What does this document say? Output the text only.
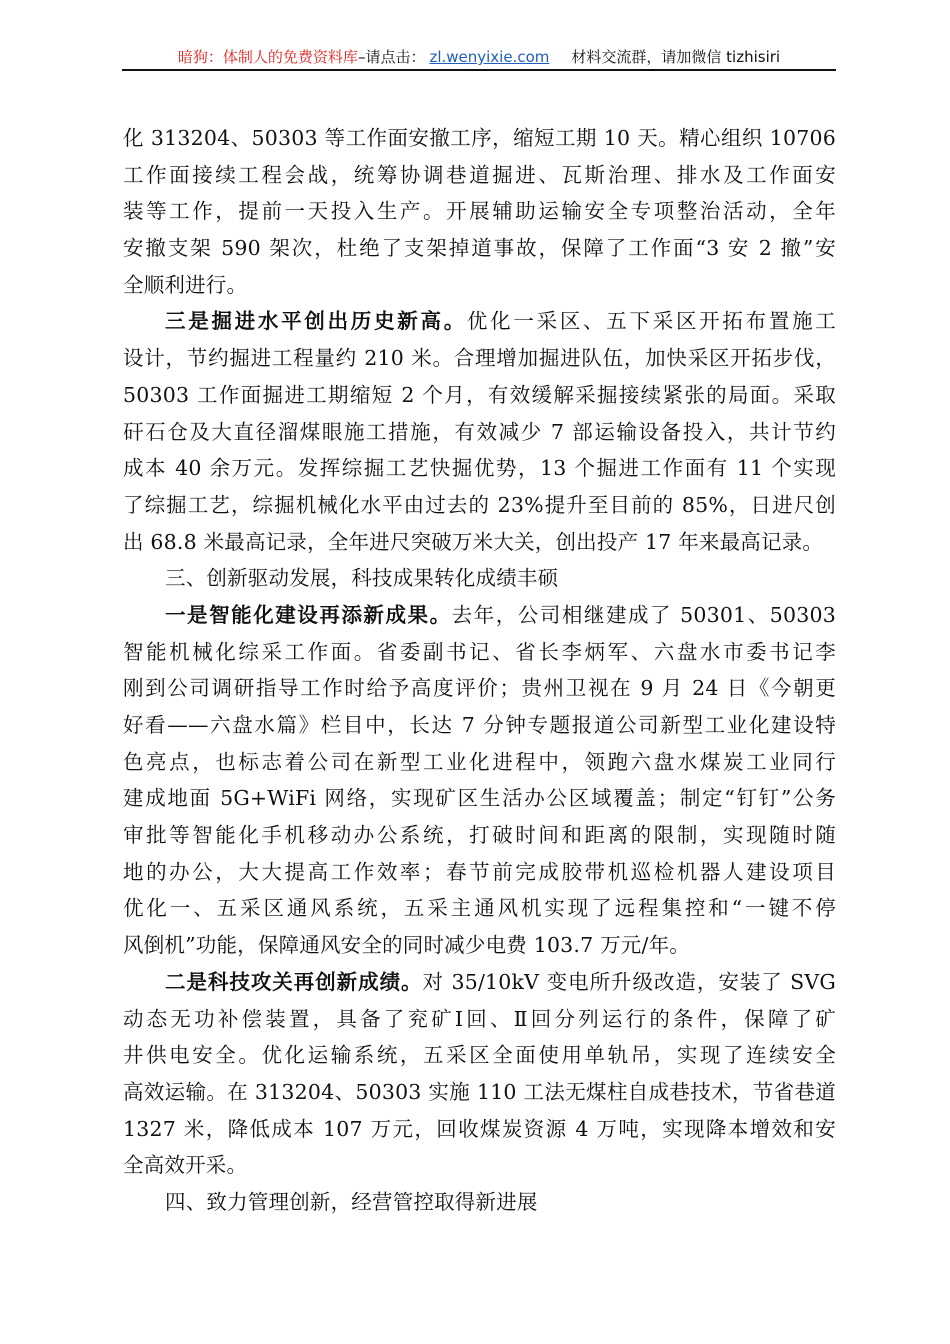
暗狗：体制人的免费资料库–请点击： zl.wenyixie.com 材料交流群，请加微信 tizhisiri
化 313204、50303 等工作面安撤工序，缩短工期 10 天。精心组织 10706
工作面接续工程会战，统筹协调巷道掘进、瓦斯治理、排水及工作面安
装等工作，提前一天投入生产。开展辅助运输安全专项整治活动，全年
安撤支架 590 架次，杜绝了支架掉道事故，保障了工作面“3 安 2 撤”安
全顺利进行。
三是掘进水平创出历史新高。优化一采区、五下采区开拓布置施工
设计，节约掘进工程量约 210 米。合理增加掘进队伍，加快采区开拓步伐，
50303 工作面掘进工期缩短 2 个月，有效缓解采掘接续紧张的局面。采取
矸石仓及大直径溜煤眼施工措施，有效减少 7 部运输设备投入，共计节约
成本 40 余万元。发挥综掘工艺快掘优势，13 个掘进工作面有 11 个实现
了综掘工艺，综掘机械化水平由过去的 23%提升至目前的 85%，日进尺创
出 68.8 米最高记录，全年进尺突破万米大关，创出投产 17 年来最高记录。
三、创新驱动发展，科技成果转化成绩丰硕
一是智能化建设再添新成果。去年，公司相继建成了 50301、50303
智能机械化综采工作面。省委副书记、省长李炳军、六盘水市委书记李
刚到公司调研指导工作时给予高度评价；贵州卫视在 9 月 24 日《今朝更
好看——六盘水篇》栏目中，长达 7 分钟专题报道公司新型工业化建设特
色亮点，也标志着公司在新型工业化进程中，领跑六盘水煤炭工业同行
建成地面 5G+WiFi 网络，实现矿区生活办公区域覆盖；制定“钉钉”公务
审批等智能化手机移动办公系统，打破时间和距离的限制，实现随时随
地的办公，大大提高工作效率；春节前完成胶带机巡检机器人建设项目
优化一、五采区通风系统，五采主通风机实现了远程集控和“一键不停
风倒机”功能，保障通风安全的同时减少电费 103.7 万元/年。
二是科技攻关再创新成绩。对 35/10kV 变电所升级改造，安装了 SVG
动态无功补偿装置，具备了兖矿Ⅰ回、Ⅱ回分列运行的条件，保障了矿
井供电安全。优化运输系统，五采区全面使用单轨吊，实现了连续安全
高效运输。在 313204、50303 实施 110 工法无煤柱自成巷技术，节省巷道
1327 米，降低成本 107 万元，回收煤炭资源 4 万吨，实现降本增效和安
全高效开采。
四、致力管理创新，经营管控取得新进展
